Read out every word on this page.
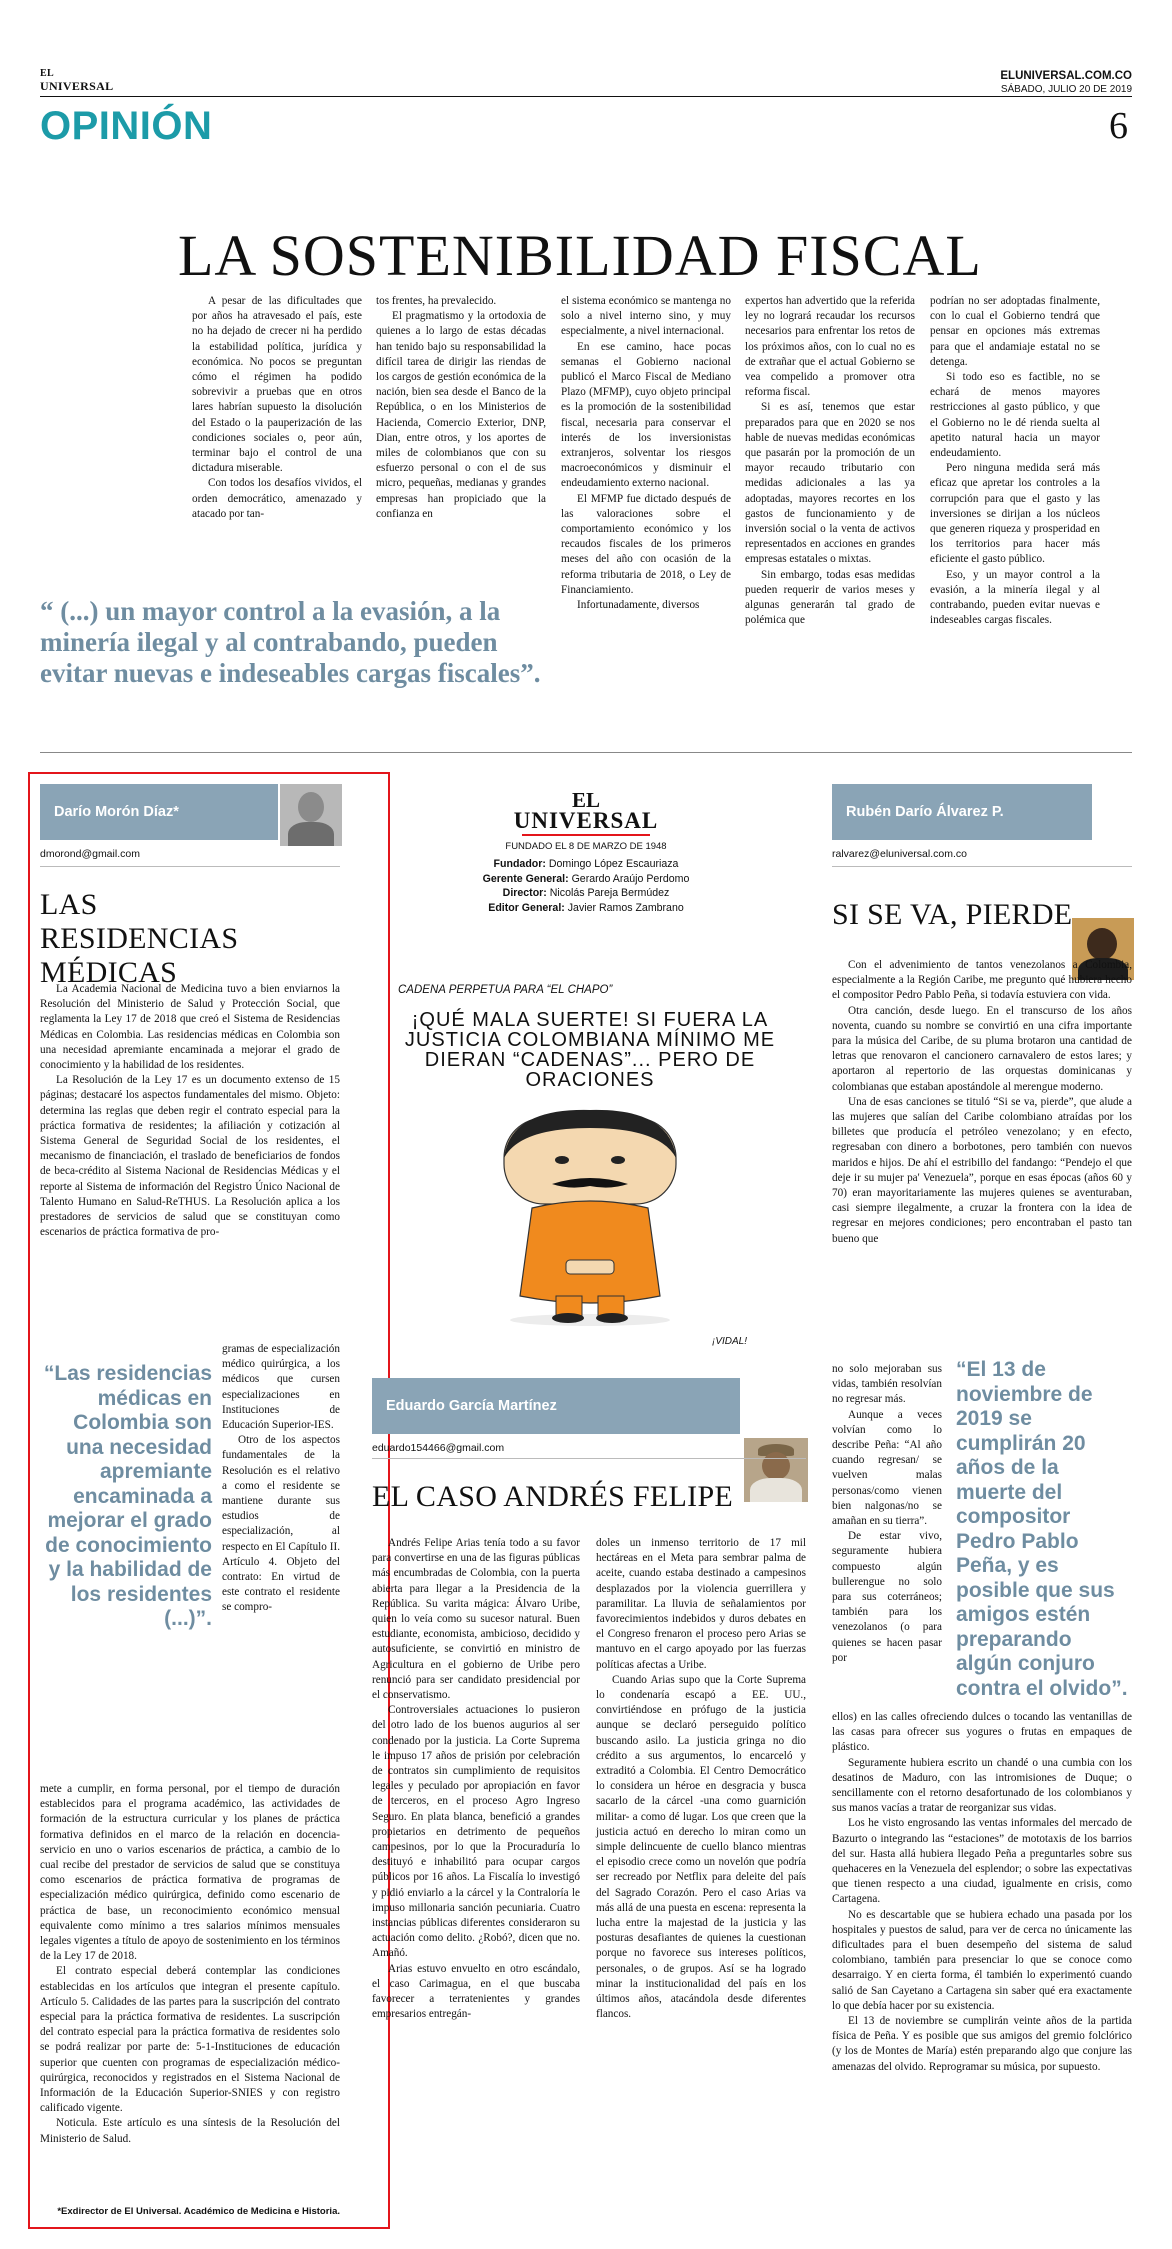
EL
UNIVERSAL
ELUNIVERSAL.COM.CO
SÁBADO, JULIO 20 DE 2019
OPINIÓN	6
LA SOSTENIBILIDAD FISCAL

A pesar de las dificultades que por años ha atravesado el país, este no ha dejado de crecer ni ha perdido la estabilidad política, jurídica y económica. No pocos se preguntan cómo el régimen ha podido sobrevivir a pruebas que en otros lares habrían supuesto la disolución del Estado o la pauperización de las condiciones sociales o, peor aún, terminar bajo el control de una dictadura miserable.

Con todos los desafíos vividos, el orden democrático, amenazado y atacado por tan-

tos frentes, ha prevalecido.

El pragmatismo y la ortodoxia de quienes a lo largo de estas décadas han tenido bajo su responsabilidad la difícil tarea de dirigir las riendas de los cargos de gestión económica de la nación, bien sea desde el Banco de la República, o en los Ministerios de Hacienda, Comercio Exterior, DNP, Dian, entre otros, y los aportes de miles de colombianos que con su esfuerzo personal o con el de sus micro, pequeñas, medianas y grandes empresas han propiciado que la confianza en

el sistema económico se mantenga no solo a nivel interno sino, y muy especialmente, a nivel internacional.

En ese camino, hace pocas semanas el Gobierno nacional publicó el Marco Fiscal de Mediano Plazo (MFMP), cuyo objeto principal es la promoción de la sostenibilidad fiscal, necesaria para conservar el interés de los inversionistas extranjeros, solventar los riesgos macroeconómicos y disminuir el endeudamiento externo nacional.

El MFMP fue dictado después de las valoraciones sobre el comportamiento económico y los recaudos fiscales de los primeros meses del año con ocasión de la reforma tributaria de 2018, o Ley de Financiamiento.

Infortunadamente, diversos

expertos han advertido que la referida ley no logrará recaudar los recursos necesarios para enfrentar los retos de los próximos años, con lo cual no es de extrañar que el actual Gobierno se vea compelido a promover otra reforma fiscal.

Si es así, tenemos que estar preparados para que en 2020 se nos hable de nuevas medidas económicas que pasarán por la promoción de un mayor recaudo tributario con medidas adicionales a las ya adoptadas, mayores recortes en los gastos de funcionamiento y de inversión social o la venta de activos representados en acciones en grandes empresas estatales o mixtas.

Sin embargo, todas esas medidas pueden requerir de varios meses y algunas generarán tal grado de polémica que

podrían no ser adoptadas finalmente, con lo cual el Gobierno tendrá que pensar en opciones más extremas para que el andamiaje estatal no se detenga.

Si todo eso es factible, no se echará de menos mayores restricciones al gasto público, y que el Gobierno no le dé rienda suelta al apetito natural hacia un mayor endeudamiento.

Pero ninguna medida será más eficaz que apretar los controles a la corrupción para que el gasto y las inversiones se dirijan a los núcleos que generen riqueza y prosperidad en los territorios para hacer más eficiente el gasto público.

Eso, y un mayor control a la evasión, a la minería ilegal y al contrabando, pueden evitar nuevas e indeseables cargas fiscales.

“ (...) un mayor control a la evasión, a la minería ilegal y al contrabando, pueden evitar nuevas e indeseables cargas fiscales”.
Darío Morón Díaz*
dmorond@gmail.com
LAS RESIDENCIAS MÉDICAS

La Academia Nacional de Medicina tuvo a bien enviarnos la Resolución del Ministerio de Salud y Protección Social, que reglamenta la Ley 17 de 2018 que creó el Sistema de Residencias Médicas en Colombia. Las residencias médicas en Colombia son una necesidad apremiante encaminada a mejorar el grado de conocimiento y la habilidad de los residentes.

La Resolución de la Ley 17 es un documento extenso de 15 páginas; destacaré los aspectos fundamentales del mismo. Objeto: determina las reglas que deben regir el contrato especial para la práctica formativa de residentes; la afiliación y cotización al Sistema General de Seguridad Social de los residentes, el mecanismo de financiación, el traslado de beneficiarios de fondos de beca-crédito al Sistema Nacional de Residencias Médicas y el reporte al Sistema de información del Registro Único Nacional de Talento Humano en Salud-ReTHUS. La Resolución aplica a los prestadores de servicios de salud que se constituyan como escenarios de práctica formativa de pro-

“Las residencias médicas en Colombia son una necesidad apremiante encaminada a mejorar el grado de conocimiento y la habilidad de los residentes (...)”.

gramas de especialización médico quirúrgica, a los médicos que cursen especializaciones en Instituciones de Educación Superior-IES.

Otro de los aspectos fundamentales de la Resolución es el relativo a como el residente se mantiene durante sus estudios de especialización, al respecto en El Capítulo II. Artículo 4. Objeto del contrato: En virtud de este contrato el residente se compro-

mete a cumplir, en forma personal, por el tiempo de duración establecidos para el programa académico, las actividades de formación de la estructura curricular y los planes de práctica formativa definidos en el marco de la relación en docencia-servicio en uno o varios escenarios de práctica, a cambio de lo cual recibe del prestador de servicios de salud que se constituya como escenarios de práctica formativa de programas de especialización médico quirúrgica, definido como escenario de práctica de base, un reconocimiento económico mensual equivalente como mínimo a tres salarios mínimos mensuales legales vigentes a título de apoyo de sostenimiento en los términos de la Ley 17 de 2018.

El contrato especial deberá contemplar las condiciones establecidas en los artículos que integran el presente capítulo. Artículo 5. Calidades de las partes para la suscripción del contrato especial para la práctica formativa de residentes. La suscripción del contrato especial para la práctica formativa de residentes solo se podrá realizar por parte de: 5-1-Instituciones de educación superior que cuenten con programas de especialización médico-quirúrgica, reconocidos y registrados en el Sistema Nacional de Información de la Educación Superior-SNIES y con registro calificado vigente.

Noticula. Este artículo es una síntesis de la Resolución del Ministerio de Salud.

*Exdirector de El Universal. Académico de Medicina e Historia.
EL
UNIVERSAL
FUNDADO EL 8 DE MARZO DE 1948
Fundador: Domingo López Escauriaza
Gerente General: Gerardo Araújo Perdomo
Director: Nicolás Pareja Bermúdez
Editor General: Javier Ramos Zambrano
CADENA PERPETUA PARA “EL CHAPO”
¡QUÉ MALA SUERTE! SI FUERA LA JUSTICIA COLOMBIANA MÍNIMO ME DIERAN “CADENAS”... PERO DE ORACIONES
¡VIDAL!
Eduardo García Martínez
eduardo154466@gmail.com
EL CASO ANDRÉS FELIPE

Andrés Felipe Arias tenía todo a su favor para convertirse en una de las figuras públicas más encumbradas de Colombia, con la puerta abierta para llegar a la Presidencia de la República. Su varita mágica: Álvaro Uribe, quien lo veía como su sucesor natural. Buen estudiante, economista, ambicioso, decidido y autosuficiente, se convirtió en ministro de Agricultura en el gobierno de Uribe pero renunció para ser candidato presidencial por el conservatismo.

Controversiales actuaciones lo pusieron del otro lado de los buenos augurios al ser condenado por la justicia. La Corte Suprema le impuso 17 años de prisión por celebración de contratos sin cumplimiento de requisitos legales y peculado por apropiación en favor de terceros, en el proceso Agro Ingreso Seguro. En plata blanca, benefició a grandes propietarios en detrimento de pequeños campesinos, por lo que la Procuraduría lo destituyó e inhabilitó para ocupar cargos públicos por 16 años. La Fiscalía lo investigó y pidió enviarlo a la cárcel y la Contraloría le impuso millonaria sanción pecuniaria. Cuatro instancias públicas diferentes consideraron su actuación como delito. ¿Robó?, dicen que no. Amañó.

Arias estuvo envuelto en otro escándalo, el caso Carimagua, en el que buscaba favorecer a terratenientes y grandes empresarios entregán-

doles un inmenso territorio de 17 mil hectáreas en el Meta para sembrar palma de aceite, cuando estaba destinado a campesinos desplazados por la violencia guerrillera y paramilitar. La lluvia de señalamientos por favorecimientos indebidos y duros debates en el Congreso frenaron el proceso pero Arias se mantuvo en el cargo apoyado por las fuerzas políticas afectas a Uribe.

Cuando Arias supo que la Corte Suprema lo condenaría escapó a EE. UU., convirtiéndose en prófugo de la justicia aunque se declaró perseguido político buscando asilo. La justicia gringa no dio crédito a sus argumentos, lo encarceló y extraditó a Colombia. El Centro Democrático lo considera un héroe en desgracia y busca sacarlo de la cárcel -una como guarnición militar- a como dé lugar. Los que creen que la justicia actuó en derecho lo miran como un simple delincuente de cuello blanco mientras el episodio crece como un novelón que podría ser recreado por Netflix para deleite del país del Sagrado Corazón. Pero el caso Arias va más allá de una puesta en escena: representa la lucha entre la majestad de la justicia y las posturas desafiantes de quienes la cuestionan porque no favorece sus intereses políticos, personales, o de grupos. Así se ha logrado minar la institucionalidad del país en los últimos años, atacándola desde diferentes flancos.

Rubén Darío Álvarez P.
ralvarez@eluniversal.com.co
SI SE VA, PIERDE

Con el advenimiento de tantos venezolanos a Colombia, especialmente a la Región Caribe, me pregunto qué hubiera hecho el compositor Pedro Pablo Peña, si todavía estuviera con vida.

Otra canción, desde luego. En el transcurso de los años noventa, cuando su nombre se convirtió en una cifra importante para la música del Caribe, de su pluma brotaron una cantidad de letras que renovaron el cancionero carnavalero de estos lares; y aportaron al repertorio de las orquestas dominicanas y colombianas que estaban apostándole al merengue moderno.

Una de esas canciones se tituló “Si se va, pierde”, que alude a las mujeres que salían del Caribe colombiano atraídas por los billetes que producía el petróleo venezolano; y en efecto, regresaban con dinero a borbotones, pero también con nuevos maridos e hijos. De ahí el estribillo del fandango: “Pendejo el que deje ir su mujer pa' Venezuela”, porque en esas épocas (años 60 y 70) eran mayoritariamente las mujeres quienes se aventuraban, casi siempre ilegalmente, a cruzar la frontera con la idea de regresar en mejores condiciones; pero encontraban el pasto tan bueno que

no solo mejoraban sus vidas, también resolvían no regresar más.

Aunque a veces volvían como lo describe Peña: “Al año cuando regresan/ se vuelven malas personas/como vienen bien nalgonas/no se amañan en su tierra”.

De estar vivo, seguramente hubiera compuesto algún bullerengue no solo para sus coterráneos; también para los venezolanos (o para quienes se hacen pasar por

“El 13 de noviembre de 2019 se cumplirán 20 años de la muerte del compositor Pedro Pablo Peña, y es posible que sus amigos estén preparando algún conjuro contra el olvido”.

ellos) en las calles ofreciendo dulces o tocando las ventanillas de las casas para ofrecer sus yogures o frutas en empaques de plástico.

Seguramente hubiera escrito un chandé o una cumbia con los desatinos de Maduro, con las intromisiones de Duque; o sencillamente con el retorno desafortunado de los colombianos y sus manos vacías a tratar de reorganizar sus vidas.

Los he visto engrosando las ventas informales del mercado de Bazurto o integrando las “estaciones” de mototaxis de los barrios del sur. Hasta allá hubiera llegado Peña a preguntarles sobre sus quehaceres en la Venezuela del esplendor; o sobre las expectativas que tienen respecto a una ciudad, igualmente en crisis, como Cartagena.

No es descartable que se hubiera echado una pasada por los hospitales y puestos de salud, para ver de cerca no únicamente las dificultades para el buen desempeño del sistema de salud colombiano, también para presenciar lo que se conoce como desarraigo. Y en cierta forma, él también lo experimentó cuando salió de San Cayetano a Cartagena sin saber qué era exactamente lo que debía hacer por su existencia.

El 13 de noviembre se cumplirán veinte años de la partida física de Peña. Y es posible que sus amigos del gremio folclórico (y los de Montes de María) estén preparando algo que conjure las amenazas del olvido. Reprogramar su música, por supuesto.
